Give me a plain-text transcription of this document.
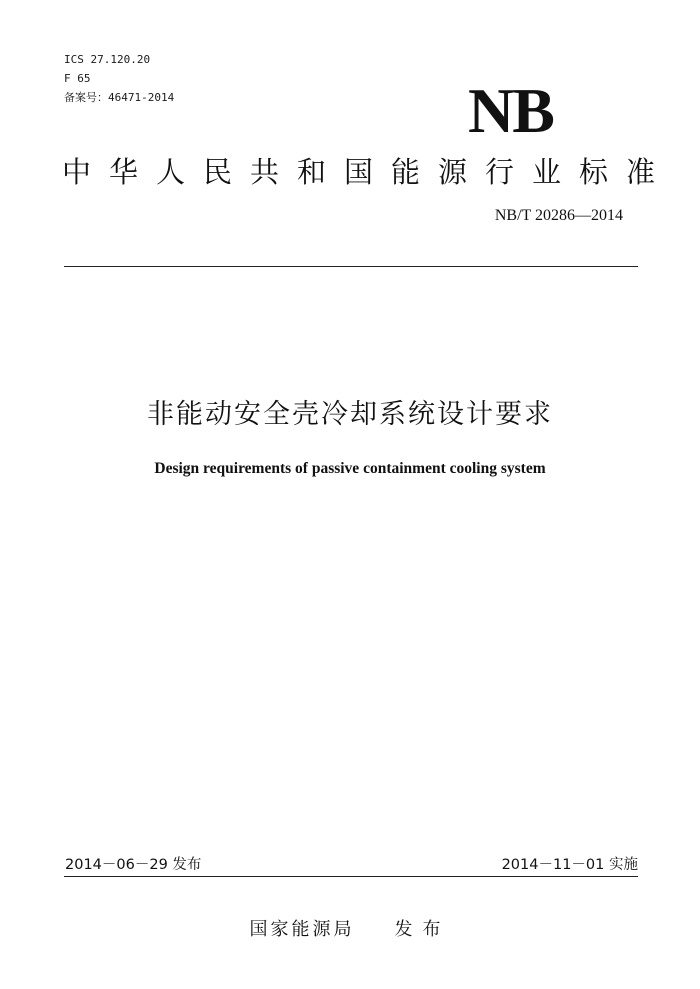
ICS 27.120.20
F 65
备案号：46471-2014	NB
中华人民共和国能源行业标准
NB/T 20286—2014
非能动安全壳冷却系统设计要求
Design requirements of passive containment cooling system
2014－06－29 发布	2014－11－01 实施
国家能源局 发布
